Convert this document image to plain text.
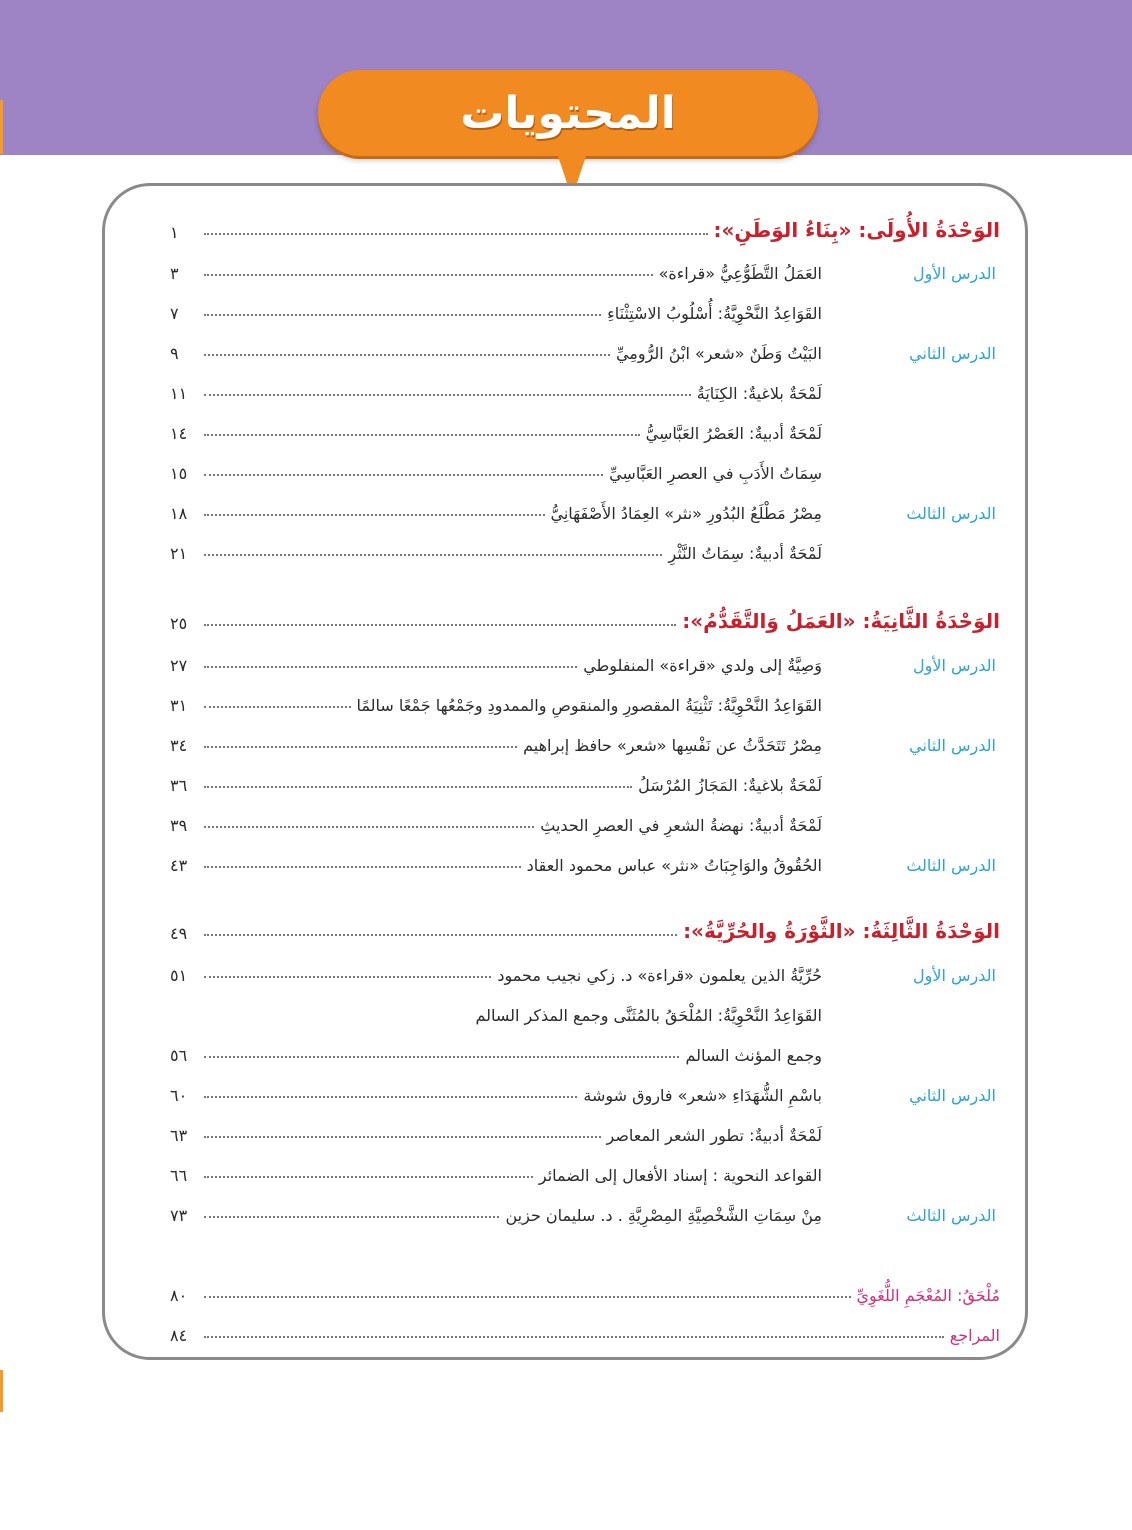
المحتويات
الوَحْدَةُ الأُولَى: «بِنَاءُ الوَطَنِ»:
١
الدرس الأول
العَمَلُ التَّطَوُّعِيُّ «قراءة»
٣
القَوَاعِدُ النَّحْوِيَّةُ: أُسْلُوبُ الاسْتِثْنَاءِ
٧
الدرس الثاني
البَيْتُ وَطَنٌ «شعر» ابْنُ الرُّومِيِّ
٩
لَمْحَةٌ بلاغيةٌ: الكِنَايَةُ
١١
لَمْحَةٌ أدبيةٌ: العَصْرُ العَبَّاسِيُّ
١٤
سِمَاتُ الأَدَبِ في العصرِ العَبَّاسِيِّ
١٥
الدرس الثالث
مِصْرُ مَطْلَعُ البُدُورِ «نثر» العِمَادُ الأَصْفَهَانِيُّ
١٨
لَمْحَةٌ أدبيةٌ: سِمَاتُ النَّثْرِ
٢١
الوَحْدَةُ الثَّانِيَةُ: «العَمَلُ وَالتَّقَدُّمُ»:
٢٥
الدرس الأول
وَصِيَّةٌ إلى ولدي «قراءة» المنفلوطي
٢٧
القَوَاعِدُ النَّحْوِيَّةُ: تَثْنِيَةُ المقصورِ والمنقوصِ والممدودِ وجَمْعُها جَمْعًا سالمًا
٣١
الدرس الثاني
مِصْرُ تَتَحَدَّثُ عن نَفْسِها «شعر» حافظ إبراهيم
٣٤
لَمْحَةٌ بلاغيةٌ: المَجَازُ المُرْسَلُ
٣٦
لَمْحَةٌ أدبيةٌ: نهضةُ الشعرِ في العصرِ الحديثِ
٣٩
الدرس الثالث
الحُقُوقُ والوَاجِبَاتُ «نثر» عباس محمود العقاد
٤٣
الوَحْدَةُ الثَّالِثَةُ: «الثَّوْرَةُ والحُرِّيَّةُ»:
٤٩
الدرس الأول
حُرِّيَّةُ الذين يعلمون «قراءة» د. زكي نجيب محمود
٥١
القَوَاعِدُ النَّحْوِيَّةُ: المُلْحَقُ بالمُثَنَّى وجمع المذكر السالم
وجمع المؤنث السالم
٥٦
الدرس الثاني
باسْمِ الشُّهَدَاءِ «شعر» فاروق شوشة
٦٠
لَمْحَةٌ أدبيةٌ: تطور الشعر المعاصر
٦٣
القواعد النحوية : إسناد الأفعال إلى الضمائر
٦٦
الدرس الثالث
مِنْ سِمَاتِ الشَّخْصِيَّةِ المِصْرِيَّةِ . د. سليمان حزين
٧٣
مُلْحَقُ: المُعْجَمِ اللُّغَوِيِّ
٨٠
المراجع
٨٤
